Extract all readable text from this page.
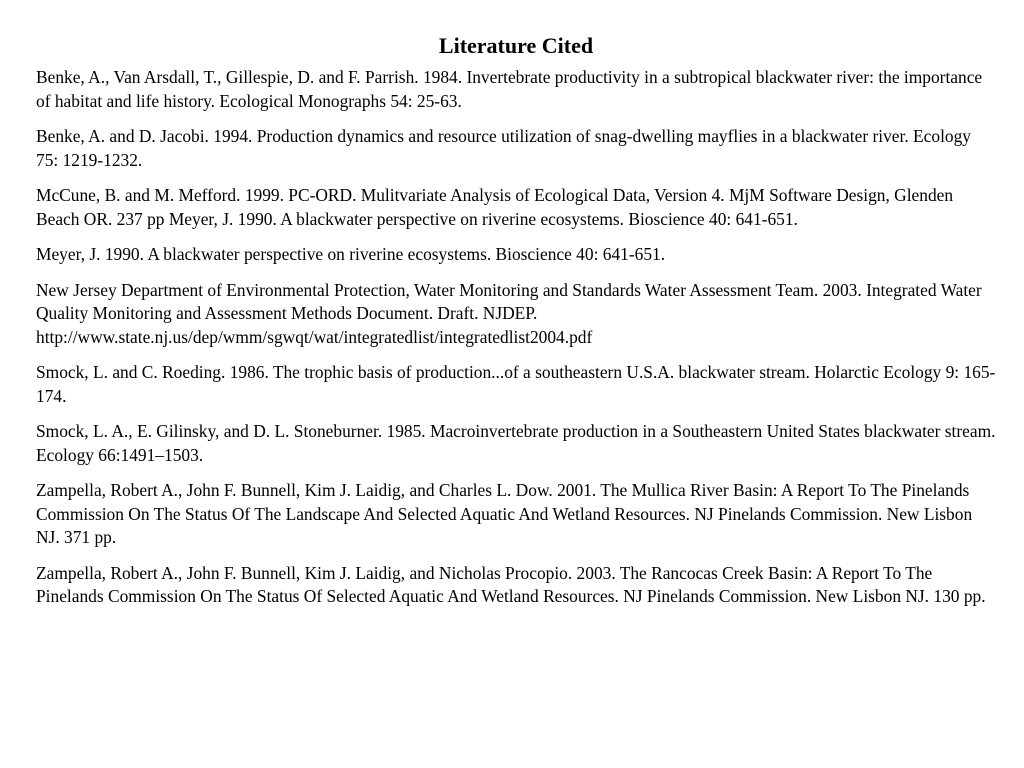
Literature Cited
Benke, A., Van Arsdall, T., Gillespie, D. and F. Parrish. 1984. Invertebrate productivity in a subtropical blackwater river: the importance of habitat and life history. Ecological Monographs 54: 25-63.
Benke, A. and D. Jacobi. 1994. Production dynamics and resource utilization of snag-dwelling mayflies in a blackwater river. Ecology 75: 1219-1232.
McCune, B. and M. Mefford. 1999. PC-ORD. Mulitvariate Analysis of Ecological Data, Version 4. MjM Software Design, Glenden Beach OR. 237 pp Meyer, J. 1990. A blackwater perspective on riverine ecosystems. Bioscience 40: 641-651.
Meyer, J. 1990. A blackwater perspective on riverine ecosystems. Bioscience 40: 641-651.
New Jersey Department of Environmental Protection, Water Monitoring and Standards Water Assessment Team. 2003. Integrated Water Quality Monitoring and Assessment Methods Document. Draft. NJDEP. http://www.state.nj.us/dep/wmm/sgwqt/wat/integratedlist/integratedlist2004.pdf
Smock, L. and C. Roeding. 1986. The trophic basis of production...of a southeastern U.S.A. blackwater stream. Holarctic Ecology 9: 165-174.
Smock, L. A., E. Gilinsky, and D. L. Stoneburner. 1985. Macroinvertebrate production in a Southeastern United States blackwater stream. Ecology 66:1491–1503.
Zampella, Robert A., John F. Bunnell, Kim J. Laidig, and Charles L. Dow. 2001. The Mullica River Basin: A Report To The Pinelands Commission On The Status Of The Landscape And Selected Aquatic And Wetland Resources. NJ Pinelands Commission. New Lisbon NJ. 371 pp.
Zampella, Robert A., John F. Bunnell, Kim J. Laidig, and Nicholas Procopio. 2003. The Rancocas Creek Basin: A Report To The Pinelands Commission On The Status Of Selected Aquatic And Wetland Resources. NJ Pinelands Commission. New Lisbon NJ. 130 pp.
